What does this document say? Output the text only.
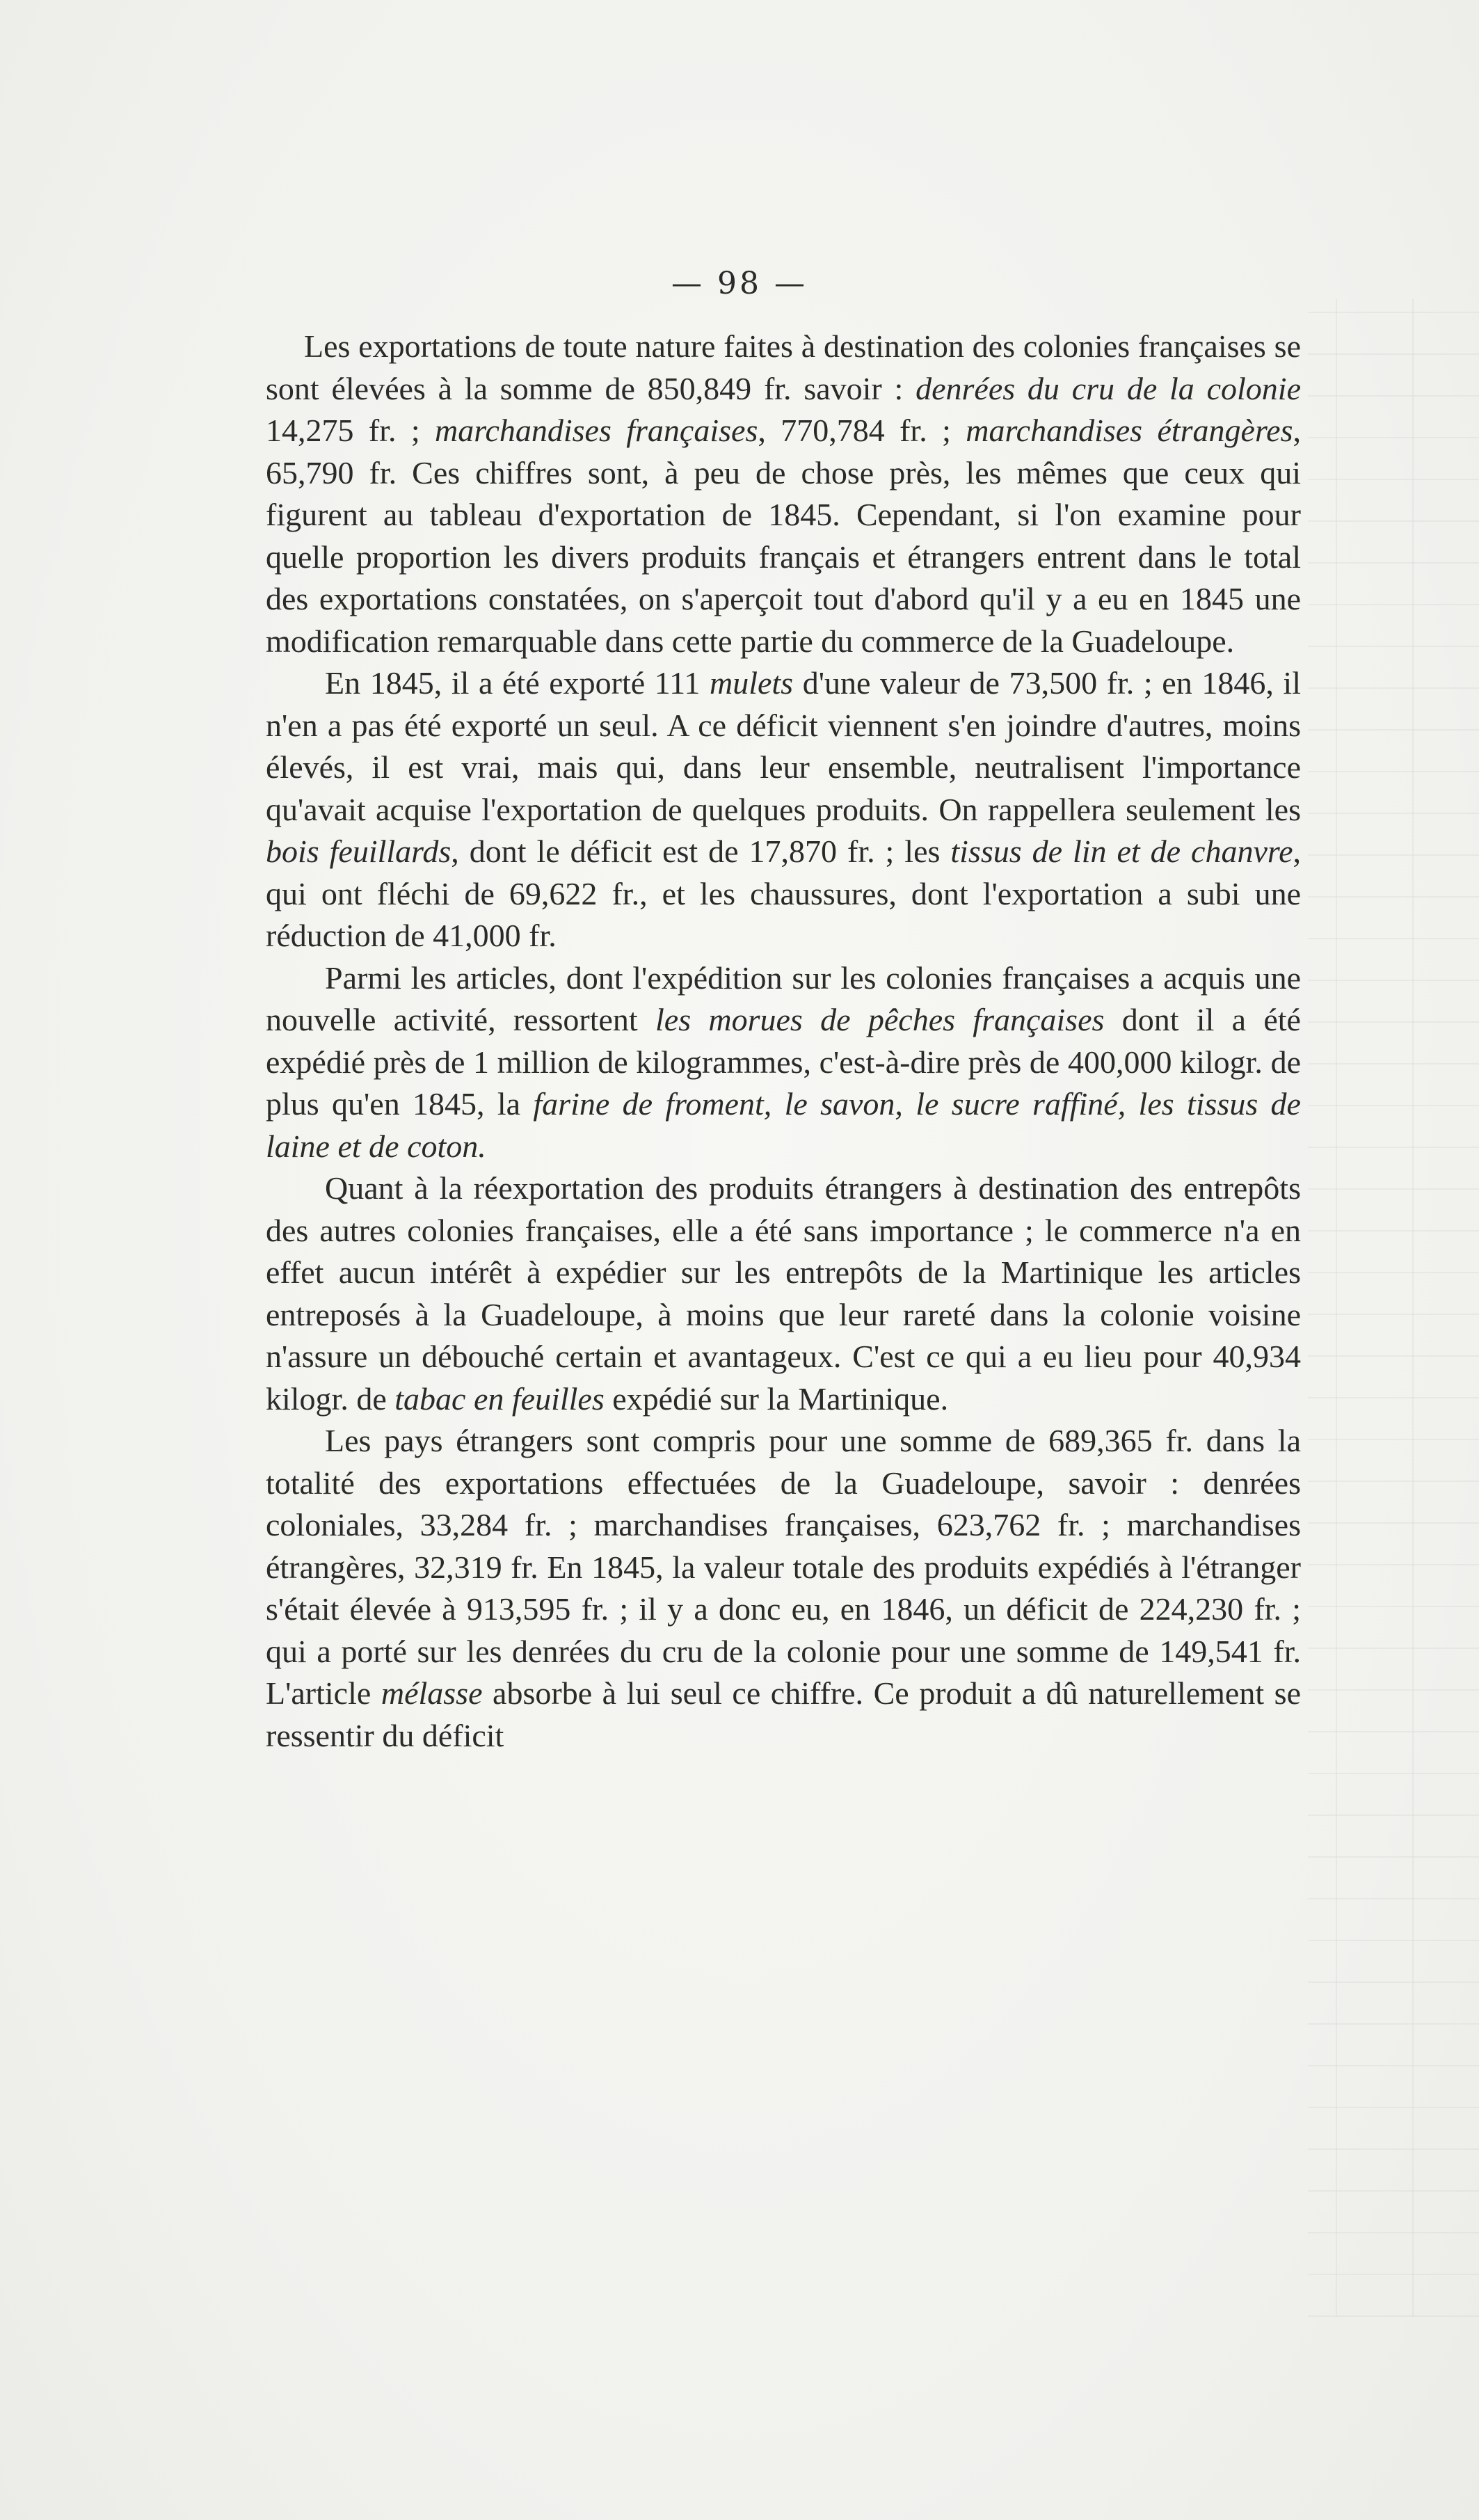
— 98 —

Les exportations de toute nature faites à destination des colonies françaises se sont élevées à la somme de 850,849 fr. savoir : denrées du cru de la colonie 14,275 fr. ; marchandises françaises, 770,784 fr. ; marchandises étrangères, 65,790 fr. Ces chiffres sont, à peu de chose près, les mêmes que ceux qui figurent au tableau d'exportation de 1845. Cependant, si l'on examine pour quelle proportion les divers produits français et étrangers entrent dans le total des exportations constatées, on s'aperçoit tout d'abord qu'il y a eu en 1845 une modification remarquable dans cette partie du commerce de la Guadeloupe.

En 1845, il a été exporté 111 mulets d'une valeur de 73,500 fr. ; en 1846, il n'en a pas été exporté un seul. A ce déficit viennent s'en joindre d'autres, moins élevés, il est vrai, mais qui, dans leur ensemble, neutralisent l'importance qu'avait acquise l'exportation de quelques produits. On rappellera seulement les bois feuillards, dont le déficit est de 17,870 fr. ; les tissus de lin et de chanvre, qui ont fléchi de 69,622 fr., et les chaussures, dont l'exportation a subi une réduction de 41,000 fr.

Parmi les articles, dont l'expédition sur les colonies françaises a acquis une nouvelle activité, ressortent les morues de pêches françaises dont il a été expédié près de 1 million de kilogrammes, c'est-à-dire près de 400,000 kilogr. de plus qu'en 1845, la farine de froment, le savon, le sucre raffiné, les tissus de laine et de coton.

Quant à la réexportation des produits étrangers à destination des entrepôts des autres colonies françaises, elle a été sans importance ; le commerce n'a en effet aucun intérêt à expédier sur les entrepôts de la Martinique les articles entreposés à la Guadeloupe, à moins que leur rareté dans la colonie voisine n'assure un débouché certain et avantageux. C'est ce qui a eu lieu pour 40,934 kilogr. de tabac en feuilles expédié sur la Martinique.

Les pays étrangers sont compris pour une somme de 689,365 fr. dans la totalité des exportations effectuées de la Guadeloupe, savoir : denrées coloniales, 33,284 fr. ; marchandises françaises, 623,762 fr. ; marchandises étrangères, 32,319 fr. En 1845, la valeur totale des produits expédiés à l'étranger s'était élevée à 913,595 fr. ; il y a donc eu, en 1846, un déficit de 224,230 fr. ; qui a porté sur les denrées du cru de la colonie pour une somme de 149,541 fr. L'article mélasse absorbe à lui seul ce chiffre. Ce produit a dû naturellement se ressentir du déficit
